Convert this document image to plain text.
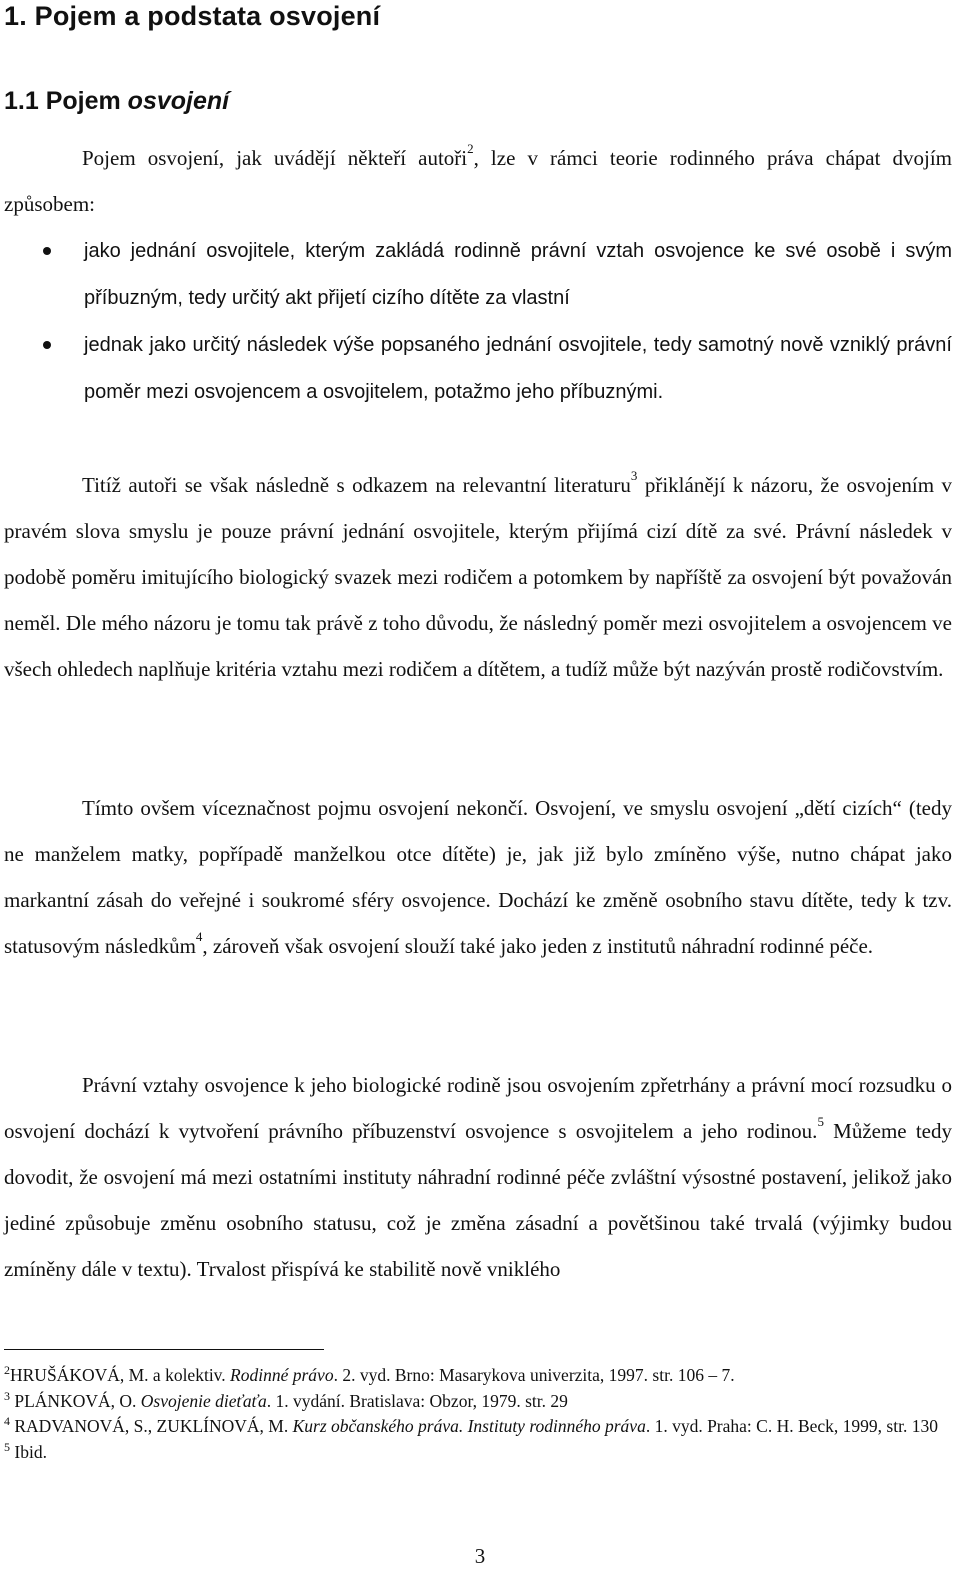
1. Pojem a podstata osvojení
1.1 Pojem osvojení

Pojem osvojení, jak uvádějí někteří autoři$^2$, lze v rámci teorie rodinného práva chápat dvojím způsobem:

jako jednání osvojitele, kterým zakládá rodinně právní vztah osvojence ke své osobě i svým příbuzným, tedy určitý akt přijetí cizího dítěte za vlastní
jednak jako určitý následek výše popsaného jednání osvojitele, tedy samotný nově vzniklý právní poměr mezi osvojencem a osvojitelem, potažmo jeho příbuznými.

Titíž autoři se však následně s odkazem na relevantní literaturu$^3$ přiklánějí k názoru, že osvojením v pravém slova smyslu je pouze právní jednání osvojitele, kterým přijímá cizí dítě za své. Právní následek v podobě poměru imitujícího biologický svazek mezi rodičem a potomkem by napříště za osvojení být považován neměl. Dle mého názoru je tomu tak právě z toho důvodu, že následný poměr mezi osvojitelem a osvojencem ve všech ohledech naplňuje kritéria vztahu mezi rodičem a dítětem, a tudíž může být nazýván prostě rodičovstvím.

Tímto ovšem víceznačnost pojmu osvojení nekončí. Osvojení, ve smyslu osvojení „dětí cizích“ (tedy ne manželem matky, popřípadě manželkou otce dítěte) je, jak již bylo zmíněno výše, nutno chápat jako markantní zásah do veřejné i soukromé sféry osvojence. Dochází ke změně osobního stavu dítěte, tedy k tzv. statusovým následkům$^4$, zároveň však osvojení slouží také jako jeden z institutů náhradní rodinné péče.

Právní vztahy osvojence k jeho biologické rodině jsou osvojením zpřetrhány a právní mocí rozsudku o osvojení dochází k vytvoření právního příbuzenství osvojence s osvojitelem a jeho rodinou.$^5$ Můžeme tedy dovodit, že osvojení má mezi ostatními instituty náhradní rodinné péče zvláštní výsostné postavení, jelikož jako jediné způsobuje změnu osobního statusu, což je změna zásadní a povětšinou také trvalá (výjimky budou zmíněny dále v textu). Trvalost přispívá ke stabilitě nově vniklého

$^2$HRUŠÁKOVÁ, M. a kolektiv. Rodinné právo. 2. vyd. Brno: Masarykova univerzita, 1997. str. 106 – 7.

$^3$ PLÁNKOVÁ, O. Osvojenie dieťaťa. 1. vydání. Bratislava: Obzor, 1979. str. 29

$^4$ RADVANOVÁ, S., ZUKLÍNOVÁ, M. Kurz občanského práva. Instituty rodinného práva. 1. vyd. Praha: C. H. Beck, 1999, str. 130

$^5$ Ibid.

3
